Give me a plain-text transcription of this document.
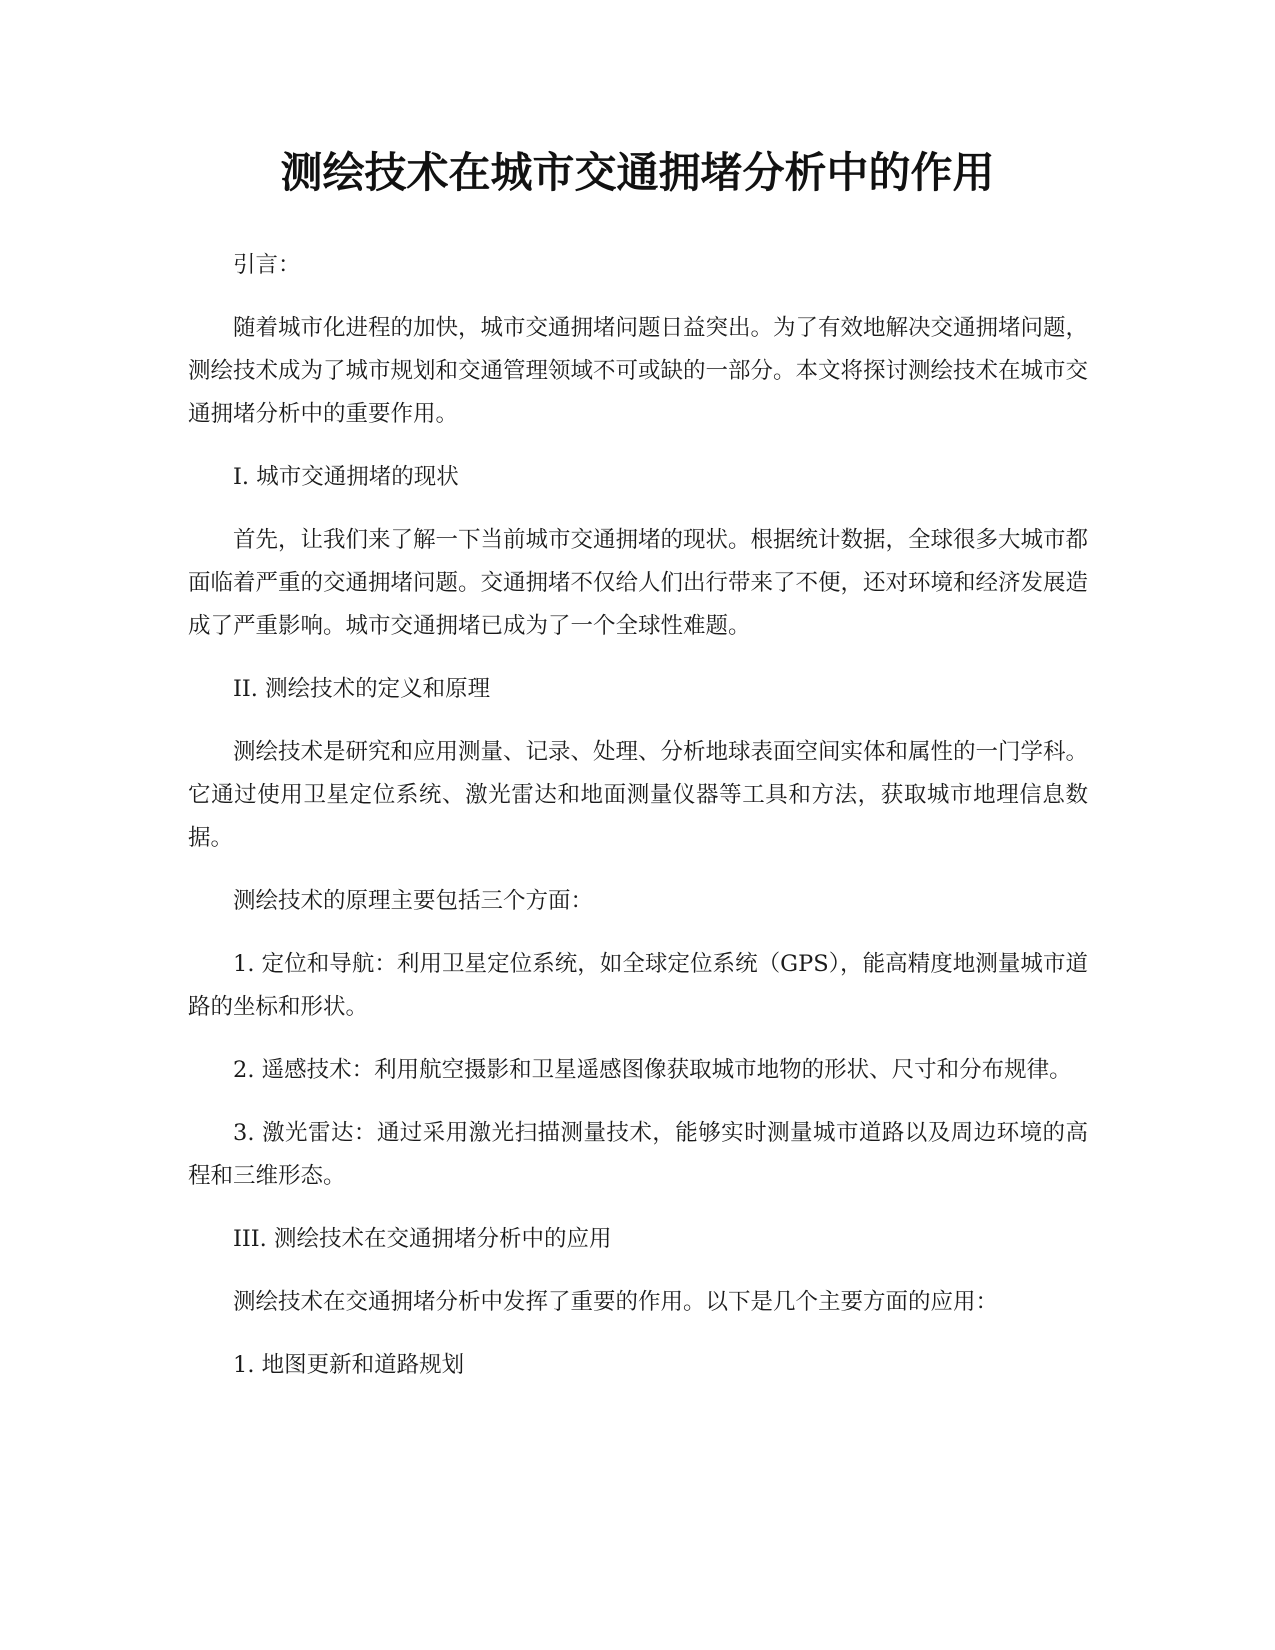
测绘技术在城市交通拥堵分析中的作用

引言：

随着城市化进程的加快，城市交通拥堵问题日益突出。为了有效地解决交通拥堵问题，测绘技术成为了城市规划和交通管理领域不可或缺的一部分。本文将探讨测绘技术在城市交通拥堵分析中的重要作用。

I. 城市交通拥堵的现状

首先，让我们来了解一下当前城市交通拥堵的现状。根据统计数据，全球很多大城市都面临着严重的交通拥堵问题。交通拥堵不仅给人们出行带来了不便，还对环境和经济发展造成了严重影响。城市交通拥堵已成为了一个全球性难题。

II. 测绘技术的定义和原理

测绘技术是研究和应用测量、记录、处理、分析地球表面空间实体和属性的一门学科。它通过使用卫星定位系统、激光雷达和地面测量仪器等工具和方法，获取城市地理信息数据。

测绘技术的原理主要包括三个方面：

1. 定位和导航：利用卫星定位系统，如全球定位系统（GPS），能高精度地测量城市道路的坐标和形状。

2. 遥感技术：利用航空摄影和卫星遥感图像获取城市地物的形状、尺寸和分布规律。

3. 激光雷达：通过采用激光扫描测量技术，能够实时测量城市道路以及周边环境的高程和三维形态。

III. 测绘技术在交通拥堵分析中的应用

测绘技术在交通拥堵分析中发挥了重要的作用。以下是几个主要方面的应用：

1. 地图更新和道路规划
